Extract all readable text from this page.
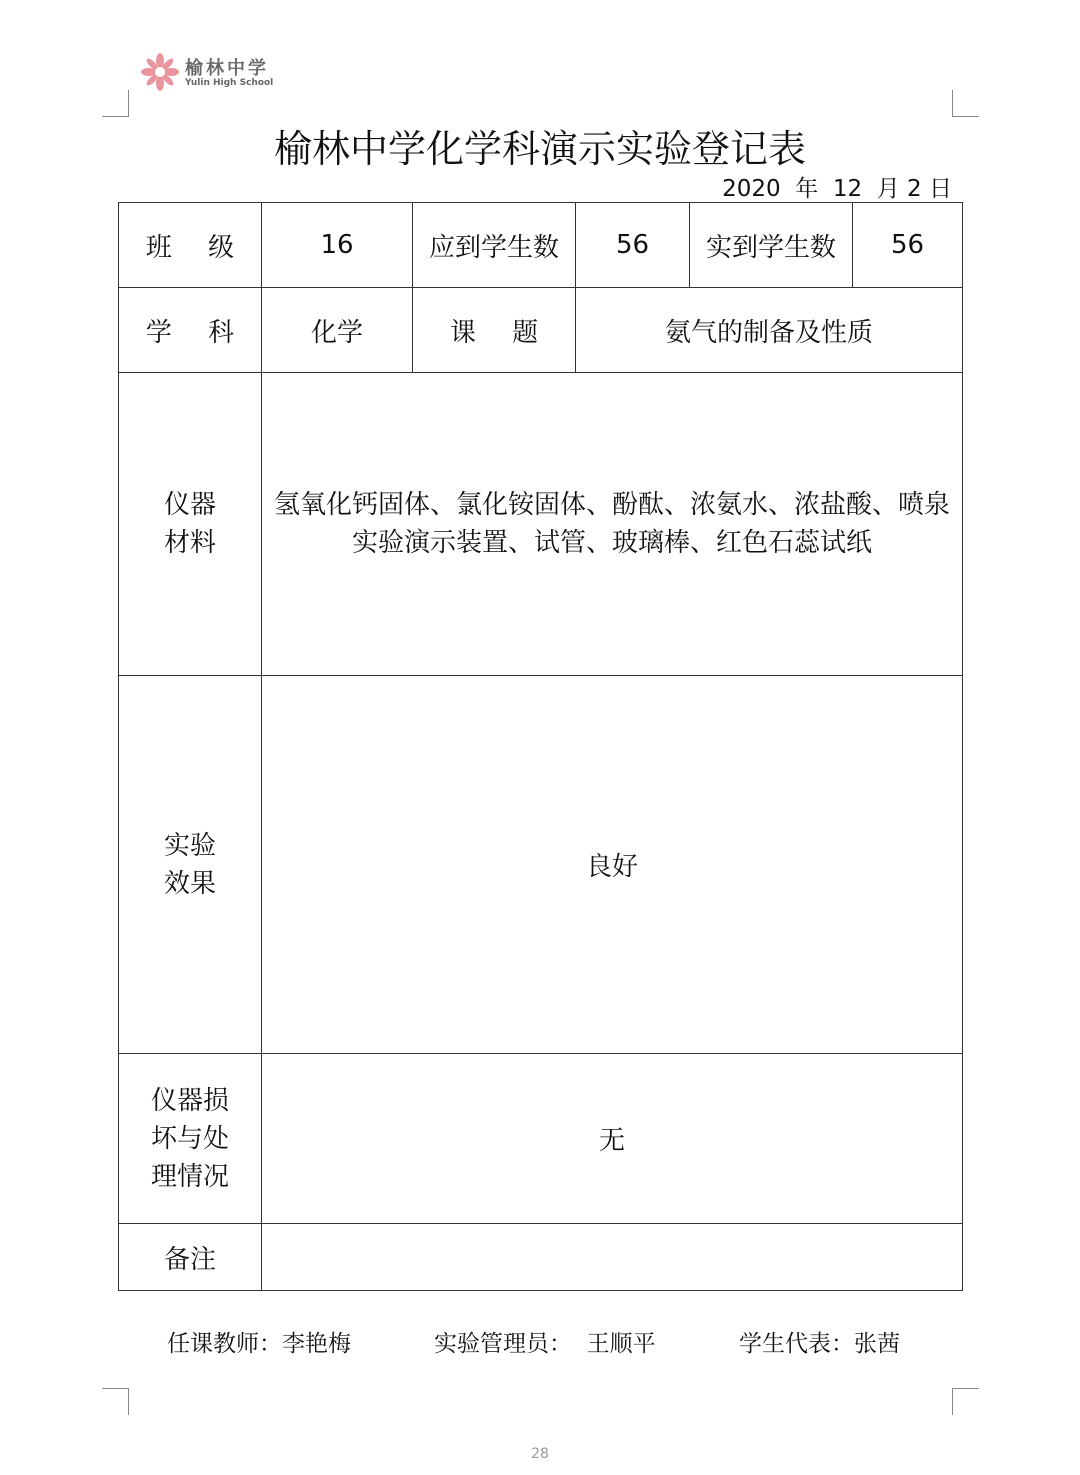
榆林中学
Yulin High School
榆林中学化学科演示实验登记表
2020  年  12  月 2 日
班 级	16	应到学生数	56	实到学生数	56
学 科	化学	课 题	氨气的制备及性质		
仪器
材料	氢氧化钙固体、氯化铵固体、酚酞、浓氨水、浓盐酸、喷泉实验演示装置、试管、玻璃棒、红色石蕊试纸				
实验
效果	良好				
仪器损
坏与处
理情况	无				
备注					
任课教师：李艳梅	实验管理员：  王顺平	学生代表：张茜
28
